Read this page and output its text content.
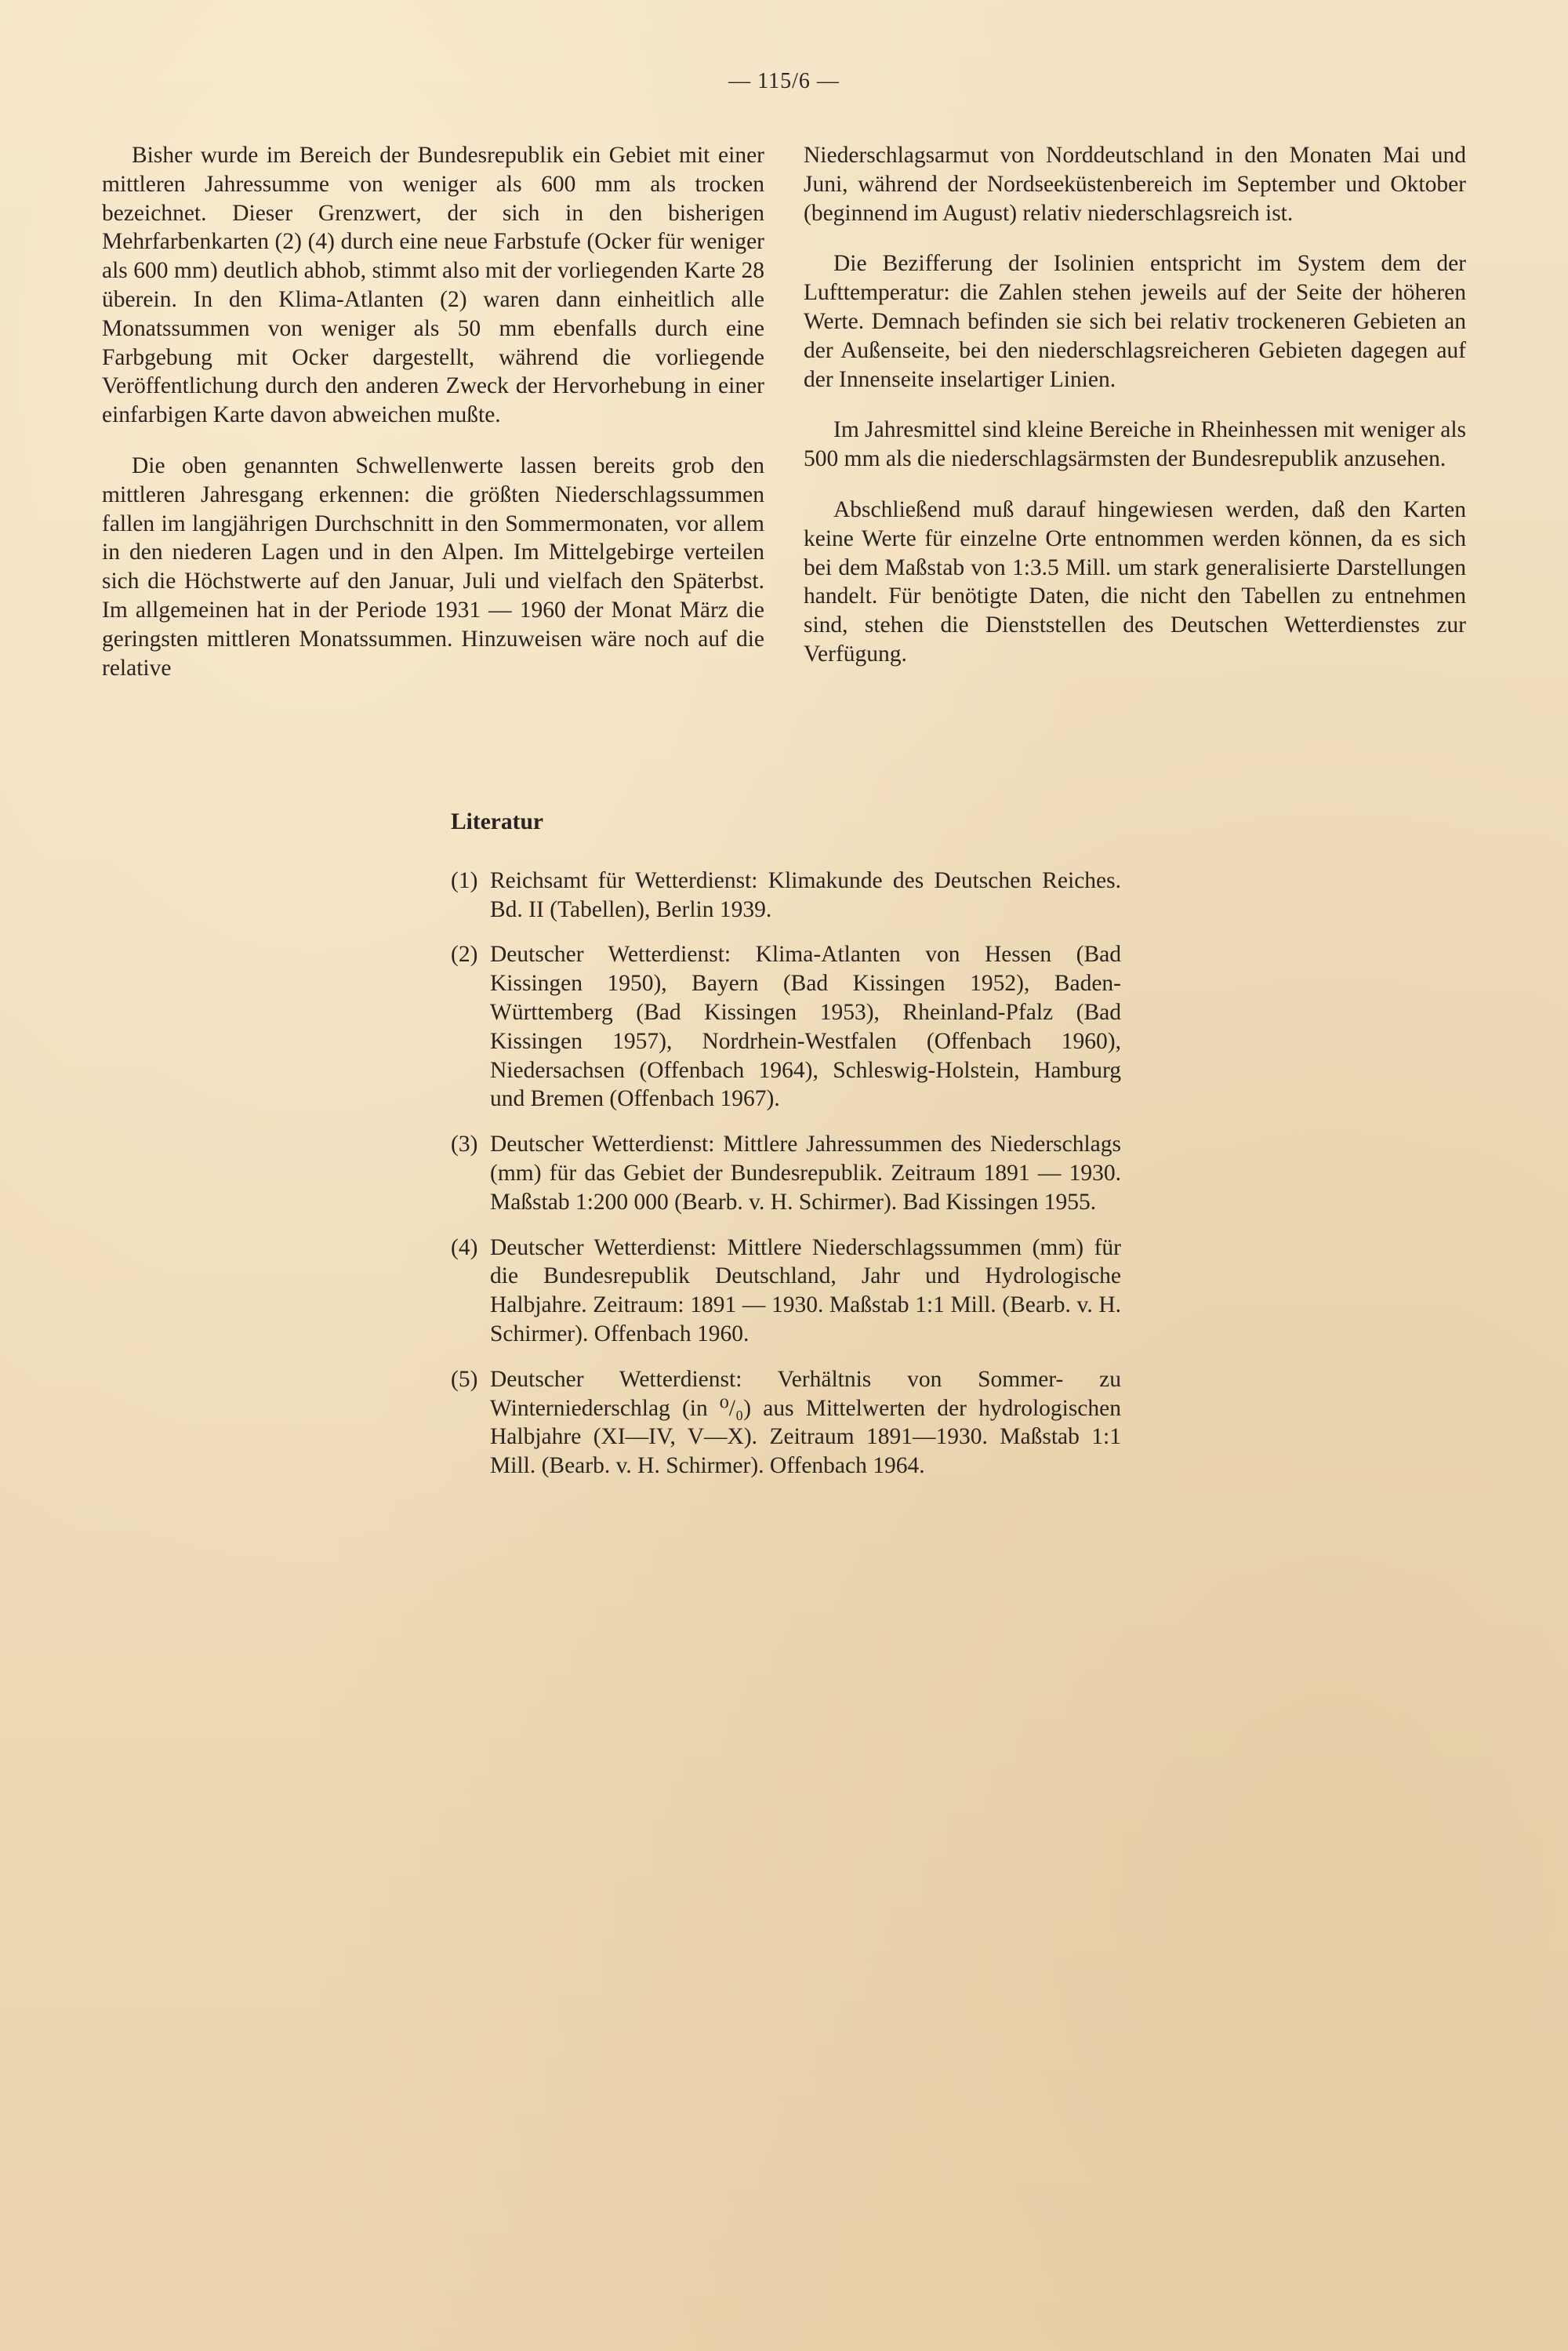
— 115/6 —

Bisher wurde im Bereich der Bundesrepublik ein Gebiet mit einer mittleren Jahressumme von weniger als 600 mm als trocken bezeichnet. Dieser Grenzwert, der sich in den bisherigen Mehrfarbenkarten (2) (4) durch eine neue Farbstufe (Ocker für weniger als 600 mm) deutlich abhob, stimmt also mit der vorliegenden Karte 28 überein. In den Klima-Atlanten (2) waren dann einheitlich alle Monatssummen von weniger als 50 mm ebenfalls durch eine Farbgebung mit Ocker dargestellt, während die vorliegende Veröffentlichung durch den anderen Zweck der Hervorhebung in einer einfarbigen Karte davon abweichen mußte.

Die oben genannten Schwellenwerte lassen bereits grob den mittleren Jahresgang erkennen: die größten Niederschlagssummen fallen im langjährigen Durchschnitt in den Sommermonaten, vor allem in den niederen Lagen und in den Alpen. Im Mittelgebirge verteilen sich die Höchstwerte auf den Januar, Juli und vielfach den Späterbst. Im allgemeinen hat in der Periode 1931 — 1960 der Monat März die geringsten mittleren Monatssummen. Hinzuweisen wäre noch auf die relative

Niederschlagsarmut von Norddeutschland in den Monaten Mai und Juni, während der Nordseeküstenbereich im September und Oktober (beginnend im August) relativ niederschlagsreich ist.

Die Bezifferung der Isolinien entspricht im System dem der Lufttemperatur: die Zahlen stehen jeweils auf der Seite der höheren Werte. Demnach befinden sie sich bei relativ trockeneren Gebieten an der Außenseite, bei den niederschlagsreicheren Gebieten dagegen auf der Innenseite inselartiger Linien.

Im Jahresmittel sind kleine Bereiche in Rheinhessen mit weniger als 500 mm als die niederschlagsärmsten der Bundesrepublik anzusehen.

Abschließend muß darauf hingewiesen werden, daß den Karten keine Werte für einzelne Orte entnommen werden können, da es sich bei dem Maßstab von 1:3.5 Mill. um stark generalisierte Darstellungen handelt. Für benötigte Daten, die nicht den Tabellen zu entnehmen sind, stehen die Dienststellen des Deutschen Wetterdienstes zur Verfügung.

Literatur
(1) Reichsamt für Wetterdienst: Klimakunde des Deutschen Reiches. Bd. II (Tabellen), Berlin 1939.
(2) Deutscher Wetterdienst: Klima-Atlanten von Hessen (Bad Kissingen 1950), Bayern (Bad Kissingen 1952), Baden-Württemberg (Bad Kissingen 1953), Rheinland-Pfalz (Bad Kissingen 1957), Nordrhein-Westfalen (Offenbach 1960), Niedersachsen (Offenbach 1964), Schleswig-Holstein, Hamburg und Bremen (Offenbach 1967).
(3) Deutscher Wetterdienst: Mittlere Jahressummen des Niederschlags (mm) für das Gebiet der Bundesrepublik. Zeitraum 1891 — 1930. Maßstab 1:200 000 (Bearb. v. H. Schirmer). Bad Kissingen 1955.
(4) Deutscher Wetterdienst: Mittlere Niederschlagssummen (mm) für die Bundesrepublik Deutschland, Jahr und Hydrologische Halbjahre. Zeitraum: 1891 — 1930. Maßstab 1:1 Mill. (Bearb. v. H. Schirmer). Offenbach 1960.
(5) Deutscher Wetterdienst: Verhältnis von Sommer- zu Winterniederschlag (in ⁰/₀) aus Mittelwerten der hydrologischen Halbjahre (XI—IV, V—X). Zeitraum 1891—1930. Maßstab 1:1 Mill. (Bearb. v. H. Schirmer). Offenbach 1964.
